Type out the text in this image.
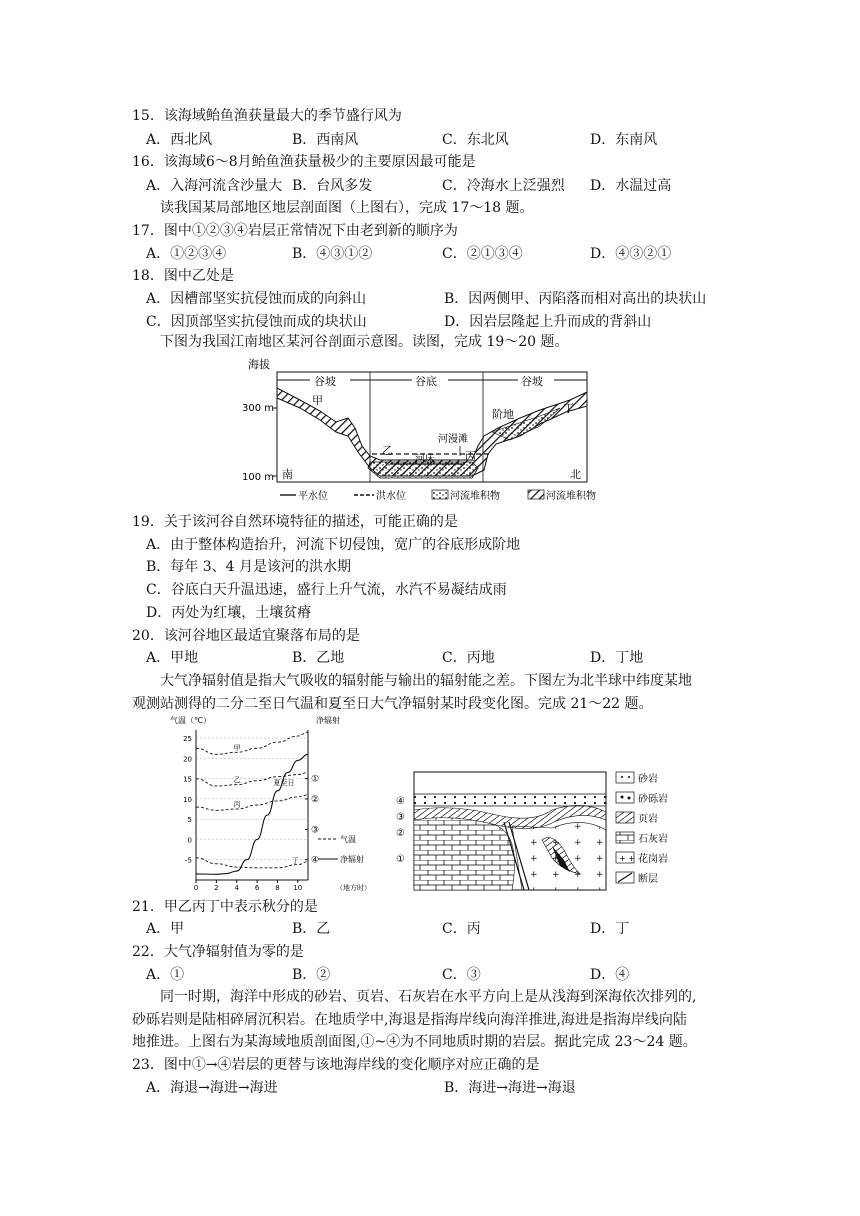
15．该海域鲐鱼渔获量最大的季节盛行风为
A．西北风	B．西南风	C．东北风	D．东南风
16．该海域6～8月鲐鱼渔获量极少的主要原因最可能是
A．入海河流含沙量大 B．台风多发	C．冷海水上泛强烈 D．水温过高
读我国某局部地区地层剖面图（上图右），完成 17～18 题。
17．图中①②③④岩层正常情况下由老到新的顺序为
A．①②③④	B．④③①②	C．②①③④	D．④③②①
18．图中乙处是
A．因槽部坚实抗侵蚀而成的向斜山	B．因两侧甲、丙陷落而相对高出的块状山
C．因顶部坚实抗侵蚀而成的块状山	D．因岩层隆起上升而成的背斜山
下图为我国江南地区某河谷剖面示意图。读图，完成 19～20 题。
海拔
300 m
100 m
谷坡	谷底	谷坡
甲
乙	丙
丁
阶地
河漫滩
河床
南	北
平水位	洪水位	河流堆积物	河流堆积物
19．关于该河谷自然环境特征的描述，可能正确的是
A．由于整体构造抬升，河流下切侵蚀，宽广的谷底形成阶地
B．每年 3、4 月是该河的洪水期
C．谷底白天升温迅速，盛行上升气流，水汽不易凝结成雨
D．丙处为红壤，土壤贫瘠
20．该河谷地区最适宜聚落布局的是
A．甲地	B．乙地	C．丙地	D．丁地
大气净辐射值是指大气吸收的辐射能与输出的辐射能之差。下图左为北半球中纬度某地
观测站测得的二分二至日气温和夏至日大气净辐射某时段变化图。完成 21～22 题。
气温（℃）	净辐射
（地方时）
气温
净辐射
25
20
15
10
5
0
-5
0 2 4 6 8 10
甲
乙
丙
丁
夏至日 ①
②
③
④
④
③
②
①
砂岩
砂砾岩
页岩
石灰岩
+ + 花岗岩
断层
21．甲乙丙丁中表示秋分的是
A．甲	B．乙	C．丙	D．丁
22．大气净辐射值为零的是
A．①	B．②	C．③	D．④
同一时期，海洋中形成的砂岩、页岩、石灰岩在水平方向上是从浅海到深海依次排列的,
砂砾岩则是陆相碎屑沉积岩。在地质学中,海退是指海岸线向海洋推进,海进是指海岸线向陆
地推进。上图右为某海域地质剖面图,①~④为不同地质时期的岩层。据此完成 23～24 题。
23．图中①→④岩层的更替与该地海岸线的变化顺序对应正确的是
A．海退→海进→海进	B．海进→海进→海退
